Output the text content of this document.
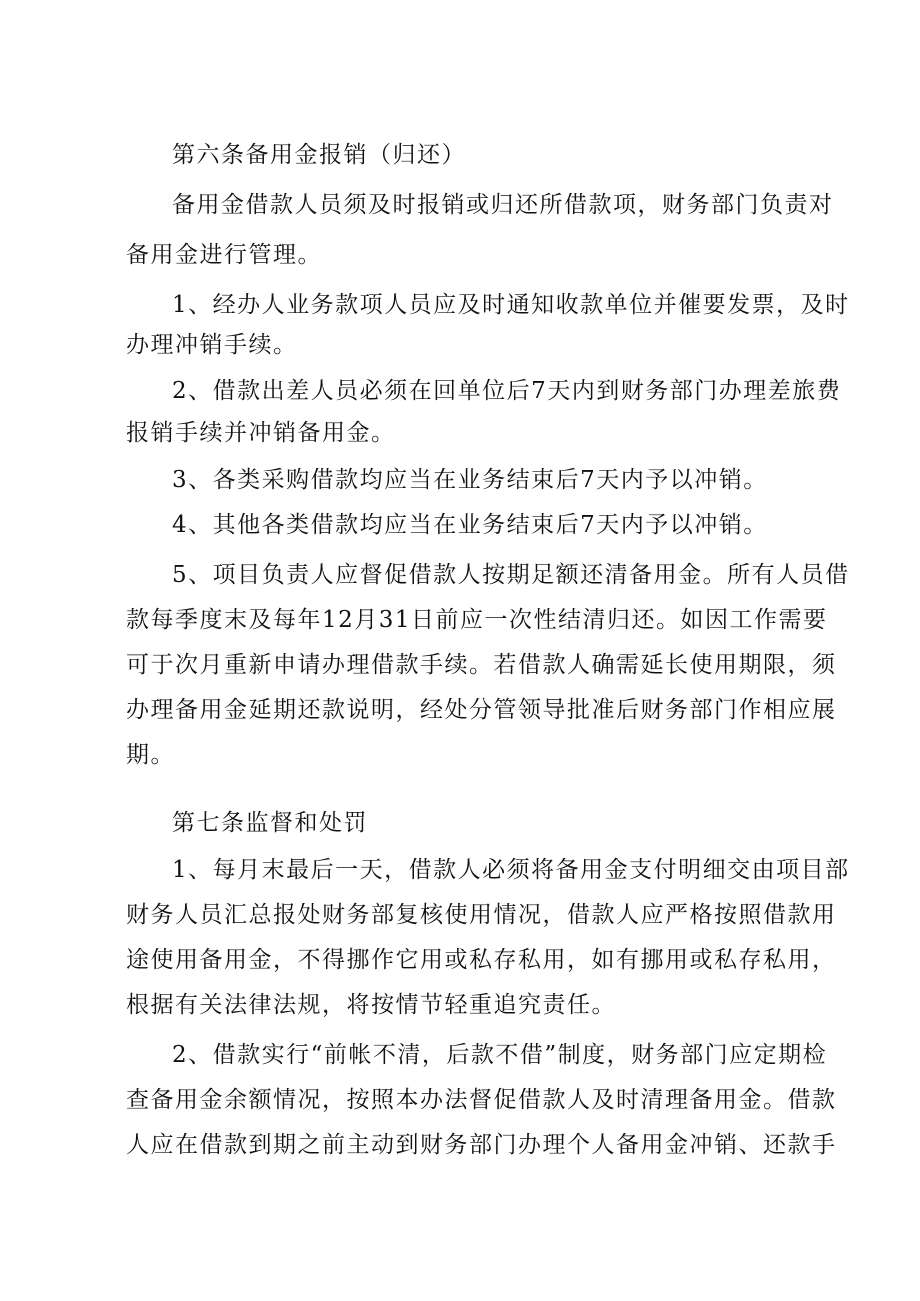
第六条备用金报销（归还）
备用金借款人员须及时报销或归还所借款项，财务部门负责对
备用金进行管理。
1、经办人业务款项人员应及时通知收款单位并催要发票，及时
办理冲销手续。
2、借款出差人员必须在回单位后7天内到财务部门办理差旅费
报销手续并冲销备用金。
3、各类采购借款均应当在业务结束后7天内予以冲销。
4、其他各类借款均应当在业务结束后7天内予以冲销。
5、项目负责人应督促借款人按期足额还清备用金。所有人员借
款每季度末及每年12月31日前应一次性结清归还。如因工作需要
可于次月重新申请办理借款手续。若借款人确需延长使用期限，须
办理备用金延期还款说明，经处分管领导批准后财务部门作相应展
期。
第七条监督和处罚
1、每月末最后一天，借款人必须将备用金支付明细交由项目部
财务人员汇总报处财务部复核使用情况，借款人应严格按照借款用
途使用备用金，不得挪作它用或私存私用，如有挪用或私存私用，
根据有关法律法规，将按情节轻重追究责任。
2、借款实行“前帐不清，后款不借”制度，财务部门应定期检
查备用金余额情况，按照本办法督促借款人及时清理备用金。借款
人应在借款到期之前主动到财务部门办理个人备用金冲销、还款手
